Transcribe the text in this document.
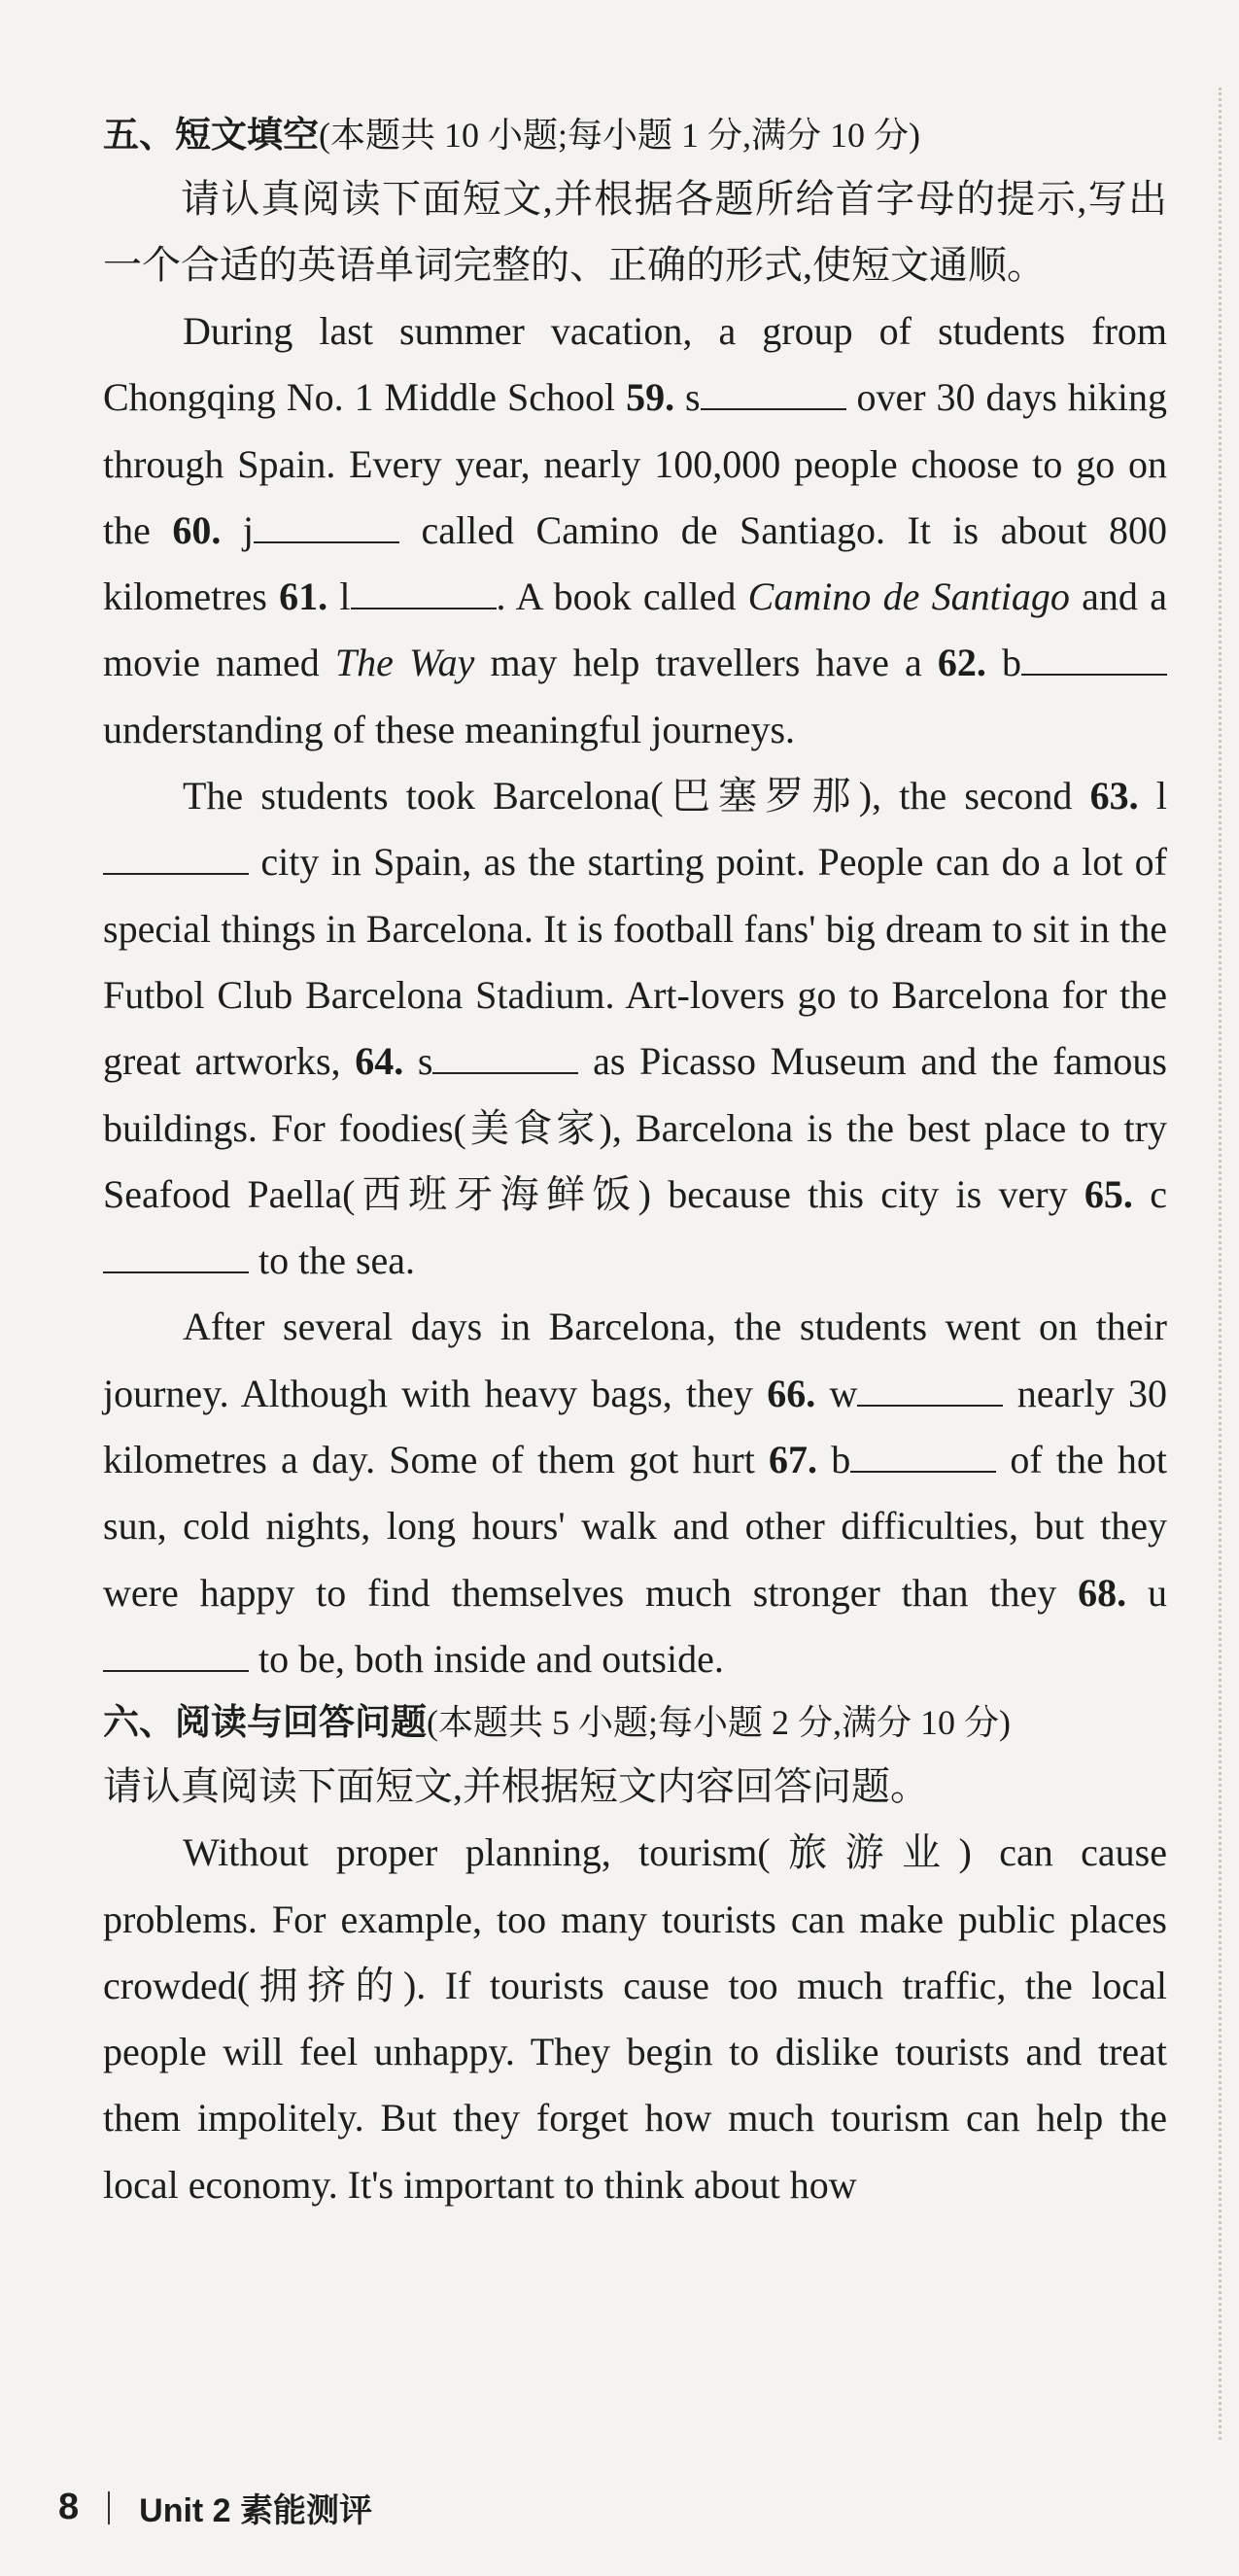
五、短文填空(本题共 10 小题;每小题 1 分,满分 10 分)
请认真阅读下面短文,并根据各题所给首字母的提示,写出一个合适的英语单词完整的、正确的形式,使短文通顺。

During last summer vacation, a group of students from Chongqing No. 1 Middle School 59. s	over 30 days hiking through Spain. Every year, nearly 100,000 people choose to go on the 60. j	called Camino de Santiago. It is about 800 kilometres 61. l	. A book called Camino de Santiago and a movie named The Way may help travellers have a 62. b understanding of these meaningful journeys.

The students took Barcelona(巴塞罗那), the second 63. l city in Spain, as the starting point. People can do a lot of special things in Barcelona. It is football fans' big dream to sit in the Futbol Club Barcelona Stadium. Art-lovers go to Barcelona for the great artworks, 64. s	as Picasso Museum and the famous buildings. For foodies(美食家), Barcelona is the best place to try Seafood Paella(西班牙海鲜饭) because this city is very 65. c to the sea.

After several days in Barcelona, the students went on their journey. Although with heavy bags, they 66. w	nearly 30 kilometres a day. Some of them got hurt 67. b	of the hot sun, cold nights, long hours' walk and other difficulties, but they were happy to find themselves much stronger than they 68. u to be, both inside and outside.

六、阅读与回答问题(本题共 5 小题;每小题 2 分,满分 10 分)
请认真阅读下面短文,并根据短文内容回答问题。

Without proper planning, tourism(旅游业) can cause problems. For example, too many tourists can make public places crowded(拥挤的). If tourists cause too much traffic, the local people will feel unhappy. They begin to dislike tourists and treat them impolitely. But they forget how much tourism can help the local economy. It's important to think about how

8 Unit 2 素能测评
